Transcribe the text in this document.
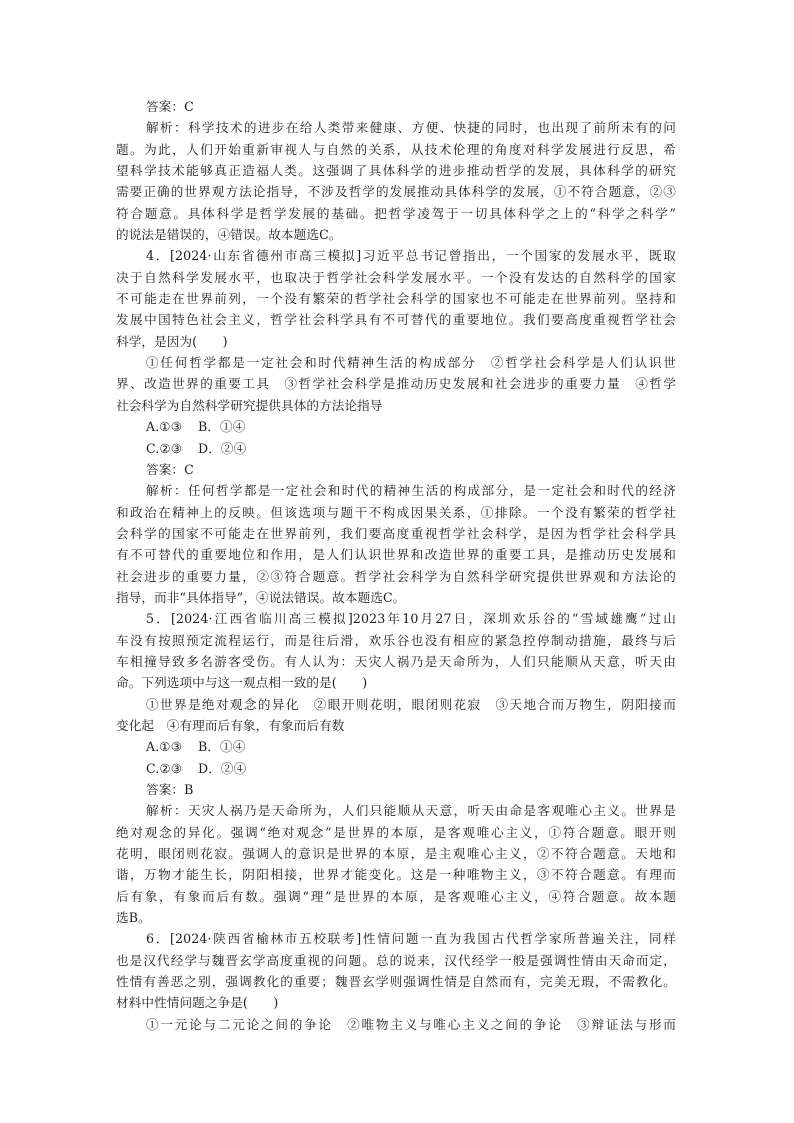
答案：C
解析：科学技术的进步在给人类带来健康、方便、快捷的同时，也出现了前所未有的问
题。为此，人们开始重新审视人与自然的关系，从技术伦理的角度对科学发展进行反思，希
望科学技术能够真正造福人类。这强调了具体科学的进步推动哲学的发展，具体科学的研究
需要正确的世界观方法论指导，不涉及哲学的发展推动具体科学的发展，①不符合题意，②③
符合题意。具体科学是哲学发展的基础。把哲学凌驾于一切具体科学之上的“科学之科学”
的说法是错误的，④错误。故本题选C。
4．[2024·山东省德州市高三模拟]习近平总书记曾指出，一个国家的发展水平，既取
决于自然科学发展水平，也取决于哲学社会科学发展水平。一个没有发达的自然科学的国家
不可能走在世界前列，一个没有繁荣的哲学社会科学的国家也不可能走在世界前列。坚持和
发展中国特色社会主义，哲学社会科学具有不可替代的重要地位。我们要高度重视哲学社会
科学，是因为(　　)
①任何哲学都是一定社会和时代精神生活的构成部分　②哲学社会科学是人们认识世
界、改造世界的重要工具　③哲学社会科学是推动历史发展和社会进步的重要力量　④哲学
社会科学为自然科学研究提供具体的方法论指导
A.①③ B．①④
C.②③ D．②④
答案：C
解析：任何哲学都是一定社会和时代的精神生活的构成部分，是一定社会和时代的经济
和政治在精神上的反映。但该选项与题干不构成因果关系，①排除。一个没有繁荣的哲学社
会科学的国家不可能走在世界前列，我们要高度重视哲学社会科学，是因为哲学社会科学具
有不可替代的重要地位和作用，是人们认识世界和改造世界的重要工具，是推动历史发展和
社会进步的重要力量，②③符合题意。哲学社会科学为自然科学研究提供世界观和方法论的
指导，而非“具体指导”，④说法错误。故本题选C。
5．[2024·江西省临川高三模拟]2023年10月27日，深圳欢乐谷的“雪域雄鹰”过山
车没有按照预定流程运行，而是往后滑，欢乐谷也没有相应的紧急控停制动措施，最终与后
车相撞导致多名游客受伤。有人认为：天灾人祸乃是天命所为，人们只能顺从天意，听天由
命。下列选项中与这一观点相一致的是(　　)
①世界是绝对观念的异化　②眼开则花明，眼闭则花寂　③天地合而万物生，阴阳接而
变化起　④有理而后有象，有象而后有数
A.①③ B．①④
C.②③ D．②④
答案：B
解析：天灾人祸乃是天命所为，人们只能顺从天意，听天由命是客观唯心主义。世界是
绝对观念的异化。强调“绝对观念”是世界的本原，是客观唯心主义，①符合题意。眼开则
花明，眼闭则花寂。强调人的意识是世界的本原，是主观唯心主义，②不符合题意。天地和
谐，万物才能生长，阴阳相接，世界才能变化。这是一种唯物主义，③不符合题意。有理而
后有象，有象而后有数。强调“理”是世界的本原，是客观唯心主义，④符合题意。故本题
选B。
6．[2024·陕西省榆林市五校联考]性情问题一直为我国古代哲学家所普遍关注，同样
也是汉代经学与魏晋玄学高度重视的问题。总的说来，汉代经学一般是强调性情由天命而定，
性情有善恶之别，强调教化的重要；魏晋玄学则强调性情是自然而有，完美无瑕，不需教化。
材料中性情问题之争是(　　)
①一元论与二元论之间的争论　②唯物主义与唯心主义之间的争论　③辩证法与形而
